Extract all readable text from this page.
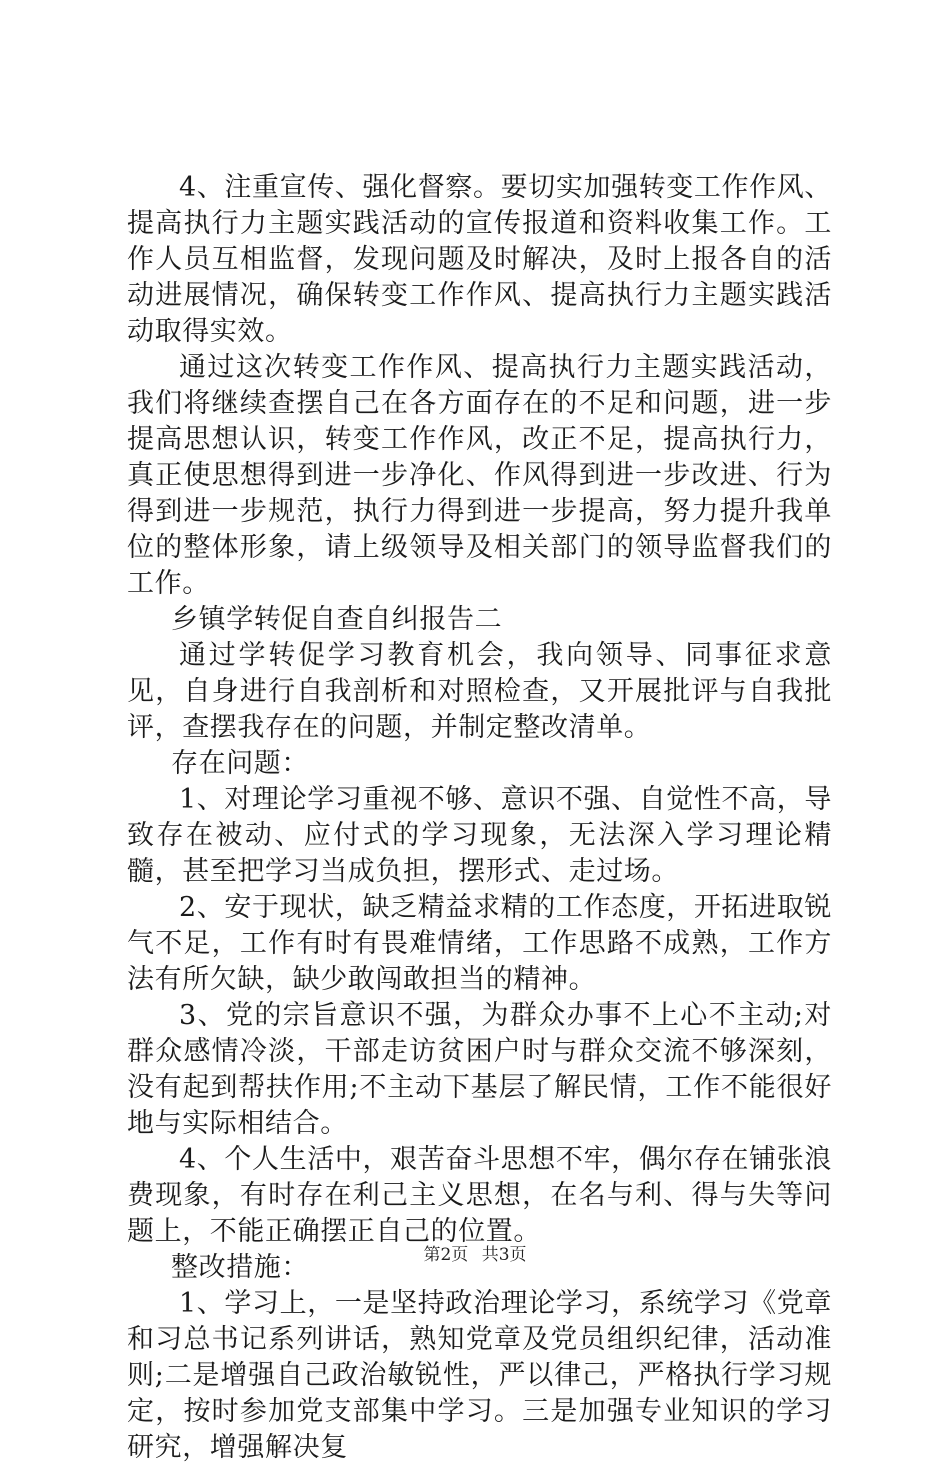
4、注重宣传、强化督察。要切实加强转变工作作风、提高执行力主题实践活动的宣传报道和资料收集工作。工作人员互相监督，发现问题及时解决，及时上报各自的活动进展情况，确保转变工作作风、提高执行力主题实践活动取得实效。

通过这次转变工作作风、提高执行力主题实践活动，我们将继续查摆自己在各方面存在的不足和问题，进一步提高思想认识，转变工作作风，改正不足，提高执行力，真正使思想得到进一步净化、作风得到进一步改进、行为得到进一步规范，执行力得到进一步提高，努力提升我单位的整体形象，请上级领导及相关部门的领导监督我们的工作。

乡镇学转促自查自纠报告二

通过学转促学习教育机会，我向领导、同事征求意见，自身进行自我剖析和对照检查，又开展批评与自我批评，查摆我存在的问题，并制定整改清单。

存在问题：

1、对理论学习重视不够、意识不强、自觉性不高，导致存在被动、应付式的学习现象，无法深入学习理论精髓，甚至把学习当成负担，摆形式、走过场。

2、安于现状，缺乏精益求精的工作态度，开拓进取锐气不足，工作有时有畏难情绪，工作思路不成熟，工作方法有所欠缺，缺少敢闯敢担当的精神。

3、党的宗旨意识不强，为群众办事不上心不主动;对群众感情冷淡，干部走访贫困户时与群众交流不够深刻，没有起到帮扶作用;不主动下基层了解民情，工作不能很好地与实际相结合。

4、个人生活中，艰苦奋斗思想不牢，偶尔存在铺张浪费现象，有时存在利己主义思想，在名与利、得与失等问题上，不能正确摆正自己的位置。

整改措施：

1、学习上，一是坚持政治理论学习，系统学习《党章和习总书记系列讲话，熟知党章及党员组织纪律，活动准则;二是增强自己政治敏锐性，严以律己，严格执行学习规定，按时参加党支部集中学习。三是加强专业知识的学习研究，增强解决复

第2页 共3页
